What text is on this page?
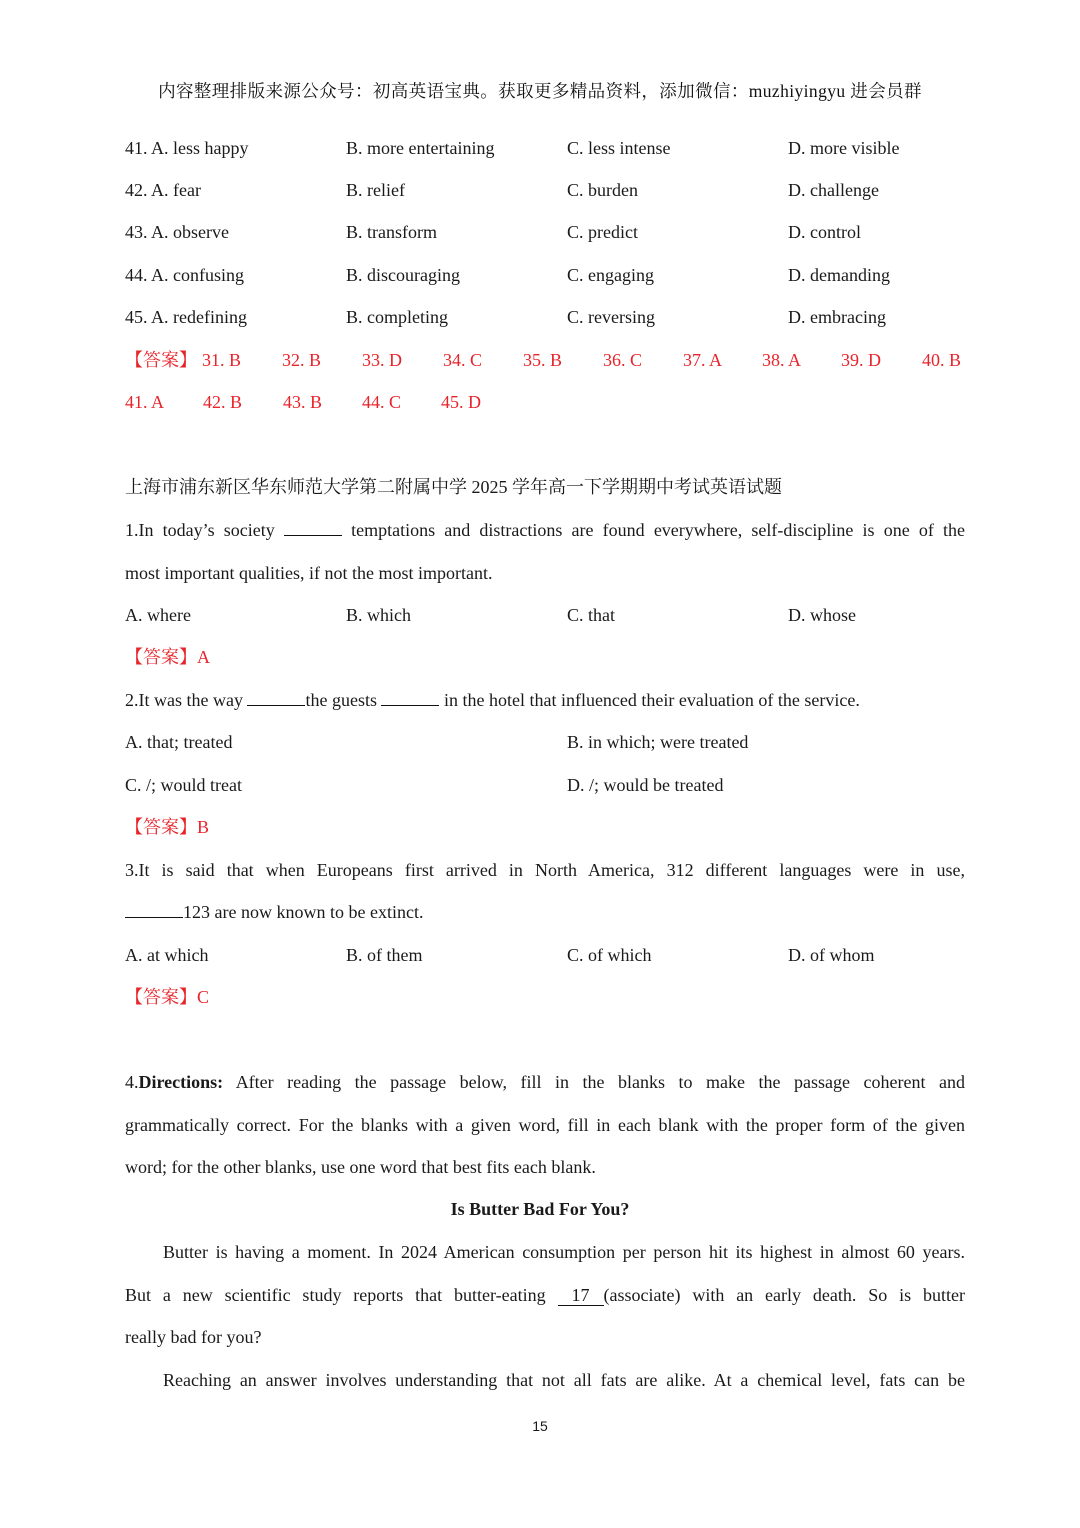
内容整理排版来源公众号：初高英语宝典。获取更多精品资料，添加微信：muzhiyingyu 进会员群
41. A. less happy	B. more entertaining	C. less intense	D. more visible
42. A. fear	B. relief	C. burden	D. challenge
43. A. observe	B. transform	C. predict	D. control
44. A. confusing	B. discouraging	C. engaging	D. demanding
45. A. redefining	B. completing	C. reversing	D. embracing
【答案】 31. B 32. B 33. D 34. C 35. B 36. C 37. A 38. A 39. D 40. B
41. A 42. B 43. B 44. C 45. D
上海市浦东新区华东师范大学第二附属中学 2025 学年高一下学期期中考试英语试题
1.In today’s society	temptations and distractions are found everywhere, self-discipline is one of the
most important qualities, if not the most important.
A. where	B. which	C. that	D. whose
【答案】A
2.It was the way	the guests	in the hotel that influenced their evaluation of the service.
A. that; treated	B. in which; were treated
C. /; would treat	D. /; would be treated
【答案】B
3.It is said that when Europeans first arrived in North America, 312 different languages were in use,
123 are now known to be extinct.
A. at which	B. of them	C. of which	D. of whom
【答案】C
4.Directions: After reading the passage below, fill in the blanks to make the passage coherent and
grammatically correct. For the blanks with a given word, fill in each blank with the proper form of the given
word; for the other blanks, use one word that best fits each blank.
Is Butter Bad For You?
Butter is having a moment. In 2024 American consumption per person hit its highest in almost 60 years.
But a new scientific study reports that butter-eating 17 (associate) with an early death. So is butter
really bad for you?
Reaching an answer involves understanding that not all fats are alike. At a chemical level, fats can be
15
